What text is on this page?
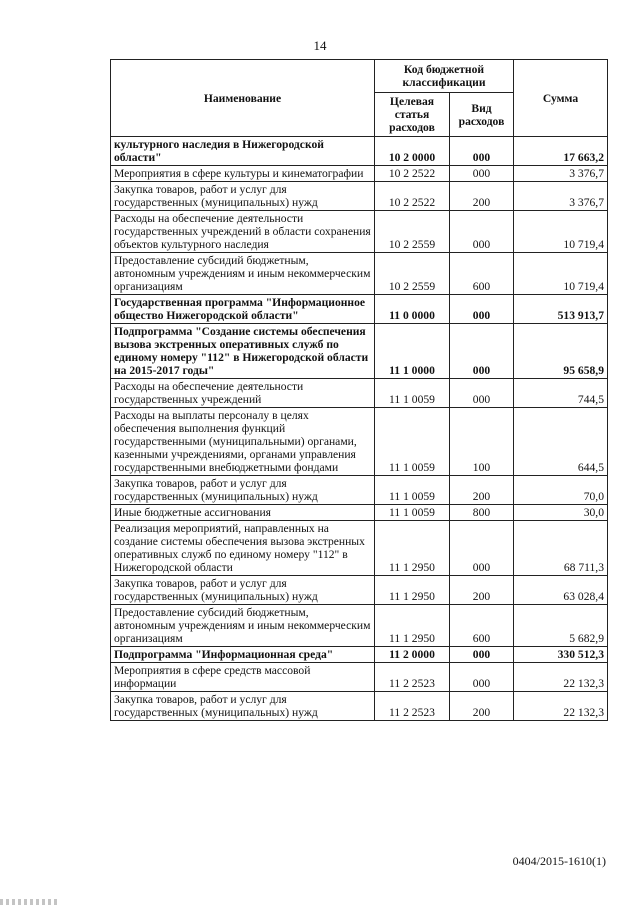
14
Наименование	Код бюджетной классификации		Сумма
	Целевая статья расходов	Вид расходов	
культурного наследия в Нижегородской области"	10 2 0000	000	17 663,2
Мероприятия в сфере культуры и кинематографии	10 2 2522	000	3 376,7
Закупка товаров, работ и услуг для государственных (муниципальных) нужд	10 2 2522	200	3 376,7
Расходы на обеспечение деятельности государственных учреждений в области сохранения объектов культурного наследия	10 2 2559	000	10 719,4
Предоставление субсидий бюджетным, автономным учреждениям и иным некоммерческим организациям	10 2 2559	600	10 719,4
Государственная программа "Информационное общество Нижегородской области"	11 0 0000	000	513 913,7
Подпрограмма "Создание системы обеспечения вызова экстренных оперативных служб по единому номеру "112" в Нижегородской области на 2015-2017 годы"	11 1 0000	000	95 658,9
Расходы на обеспечение деятельности государственных учреждений	11 1 0059	000	744,5
Расходы на выплаты персоналу в целях обеспечения выполнения функций государственными (муниципальными) органами, казенными учреждениями, органами управления государственными внебюджетными фондами	11 1 0059	100	644,5
Закупка товаров, работ и услуг для государственных (муниципальных) нужд	11 1 0059	200	70,0
Иные бюджетные ассигнования	11 1 0059	800	30,0
Реализация мероприятий, направленных на создание системы обеспечения вызова экстренных оперативных служб по единому номеру "112" в Нижегородской области	11 1 2950	000	68 711,3
Закупка товаров, работ и услуг для государственных (муниципальных) нужд	11 1 2950	200	63 028,4
Предоставление субсидий бюджетным, автономным учреждениям и иным некоммерческим организациям	11 1 2950	600	5 682,9
Подпрограмма "Информационная среда"	11 2 0000	000	330 512,3
Мероприятия в сфере средств массовой информации	11 2 2523	000	22 132,3
Закупка товаров, работ и услуг для государственных (муниципальных) нужд	11 2 2523	200	22 132,3
0404/2015-1610(1)
